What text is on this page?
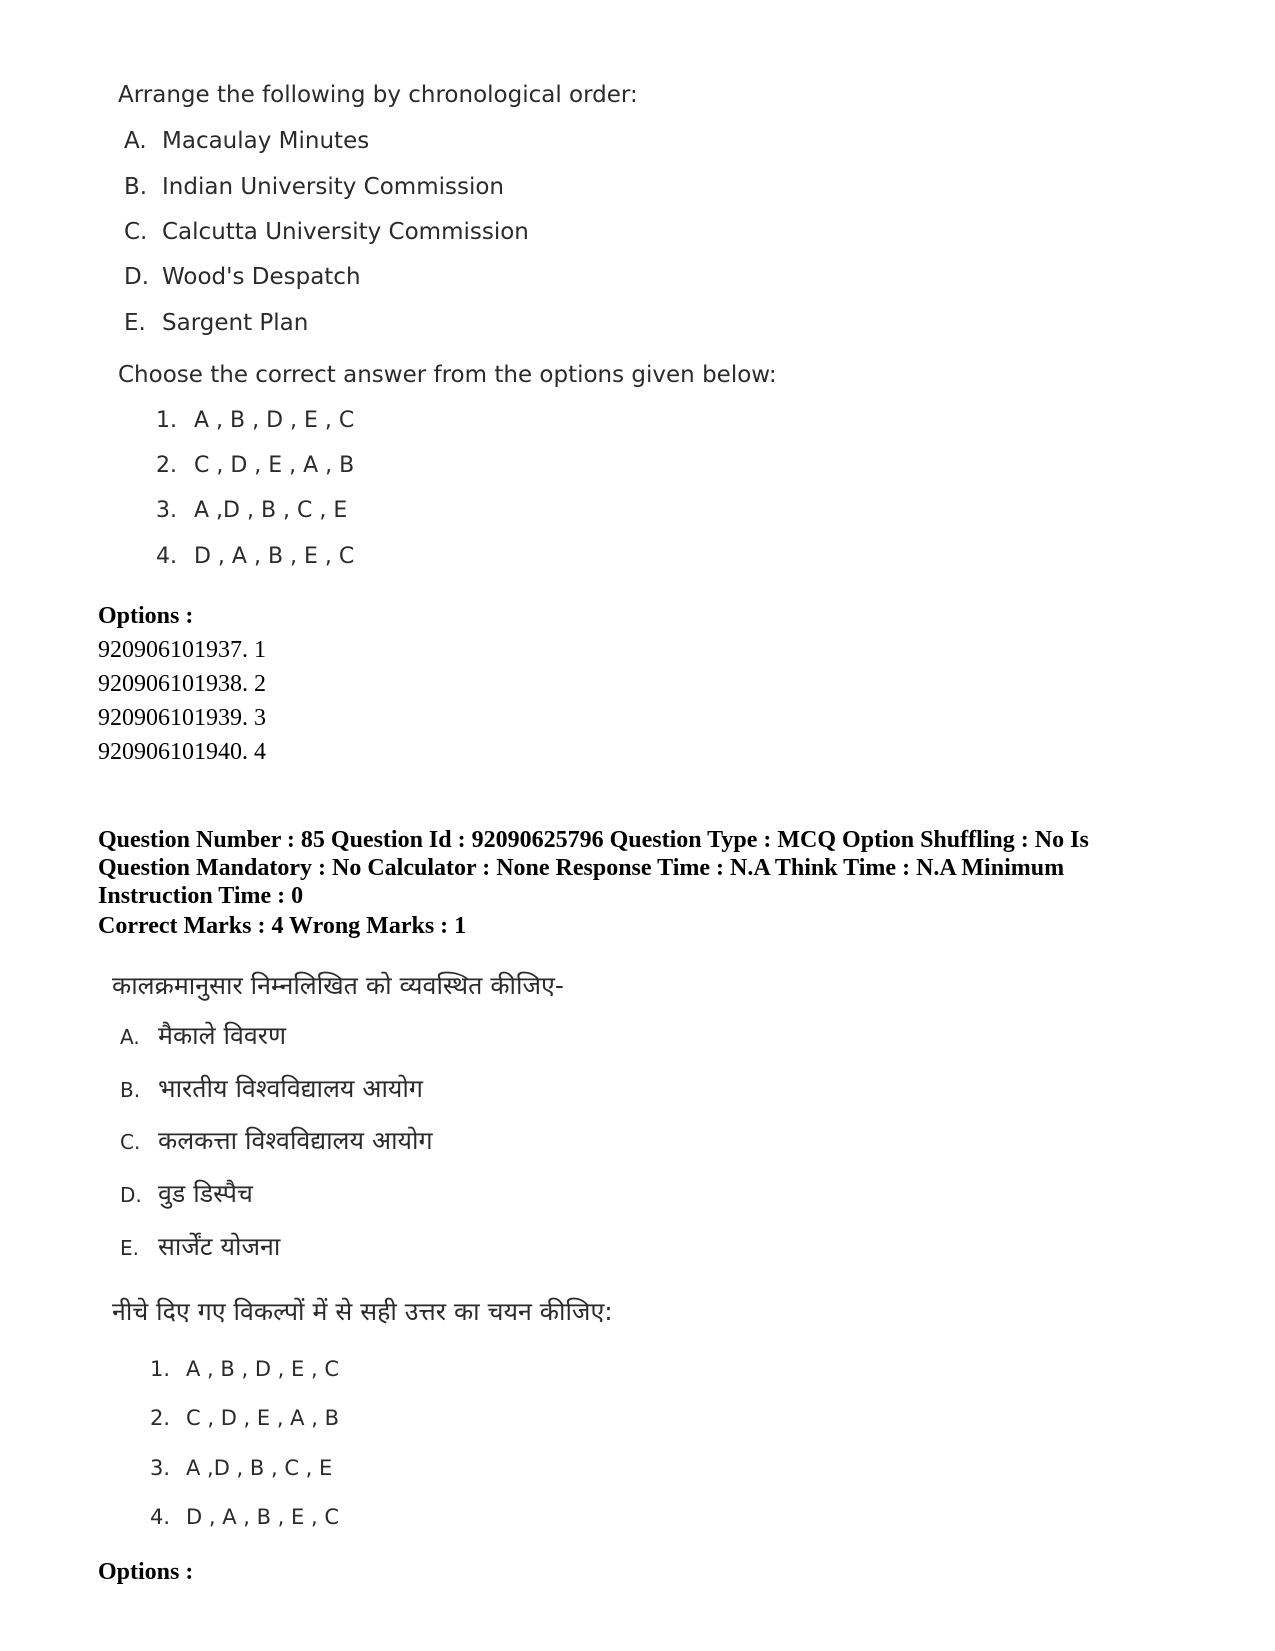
Arrange the following by chronological order:
A. Macaulay Minutes
B. Indian University Commission
C. Calcutta University Commission
D. Wood's Despatch
E. Sargent Plan
Choose the correct answer from the options given below:
1. A , B , D , E , C
2. C , D , E , A , B
3. A ,D , B , C , E
4. D , A , B , E , C
Options :
920906101937. 1
920906101938. 2
920906101939. 3
920906101940. 4
Question Number : 85 Question Id : 92090625796 Question Type : MCQ Option Shuffling : No Is Question Mandatory : No Calculator : None Response Time : N.A Think Time : N.A Minimum Instruction Time : 0
Correct Marks : 4 Wrong Marks : 1
कालक्रमानुसार निम्नलिखित को व्यवस्थित कीजिए-
A. मैकाले विवरण
B. भारतीय विश्वविद्यालय आयोग
C. कलकत्ता विश्वविद्यालय आयोग
D. वुड डिस्पैच
E. सार्जेंट योजना
नीचे दिए गए विकल्पों में से सही उत्तर का चयन कीजिए:
1. A , B , D , E , C
2. C , D , E , A , B
3. A ,D , B , C , E
4. D , A , B , E , C
Options :
